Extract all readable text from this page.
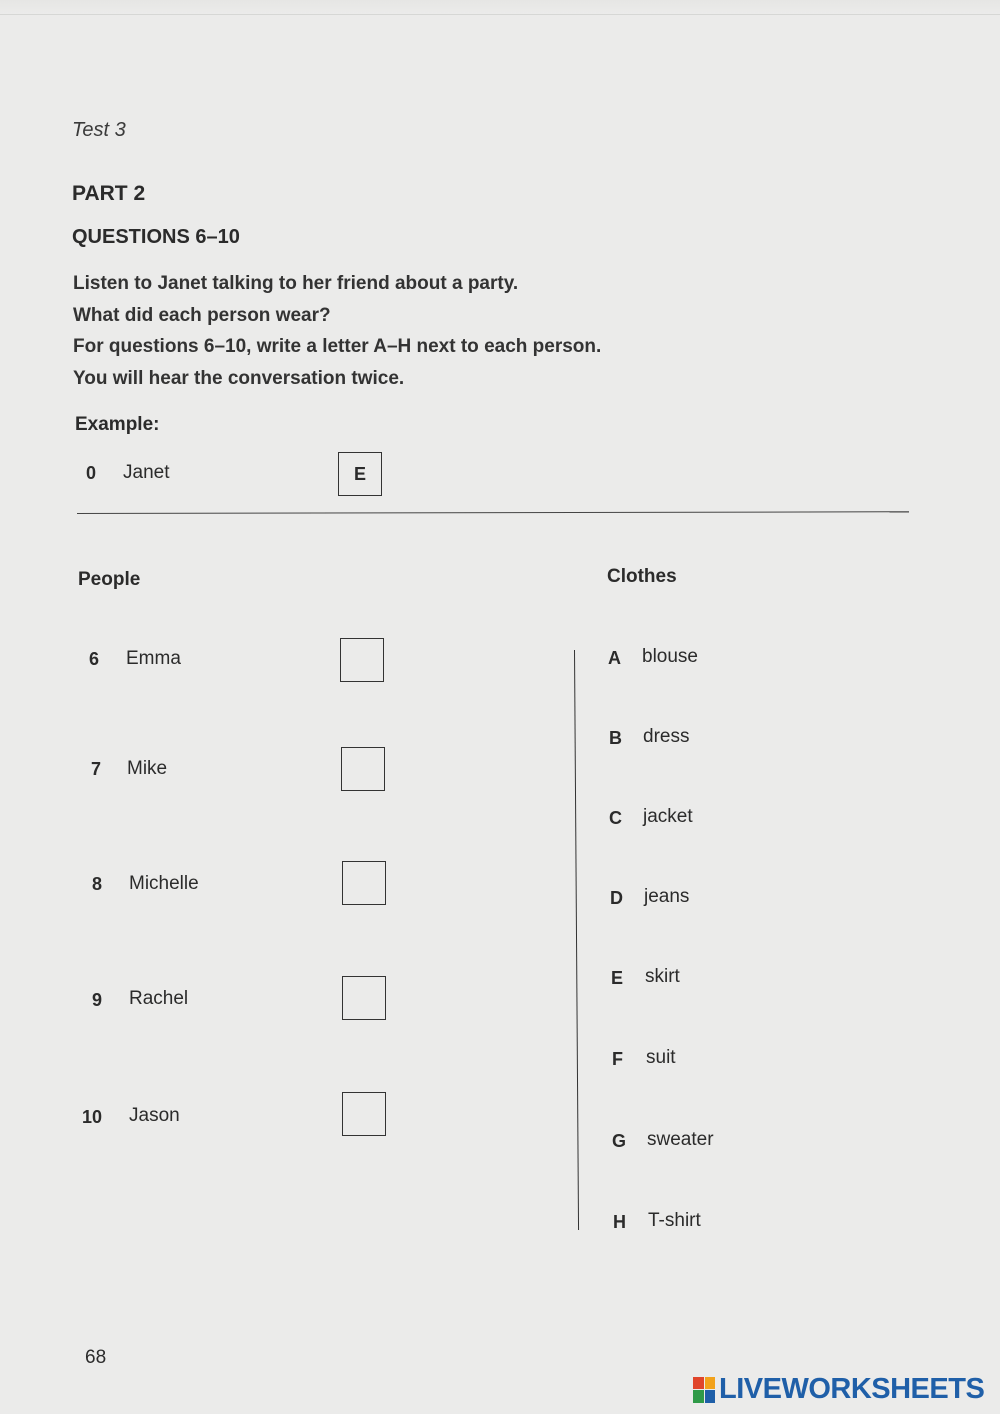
Test 3
PART 2
QUESTIONS 6–10
Listen to Janet talking to her friend about a party.
What did each person wear?
For questions 6–10, write a letter A–H next to each person.
You will hear the conversation twice.
Example:
0 Janet	E
People	Clothes
6 Emma
7 Mike
8 Michelle
9 Rachel
10 Jason
A blouse
B dress
C jacket
D jeans
E skirt
F suit
G sweater
H T-shirt
68
LIVEWORKSHEETS
